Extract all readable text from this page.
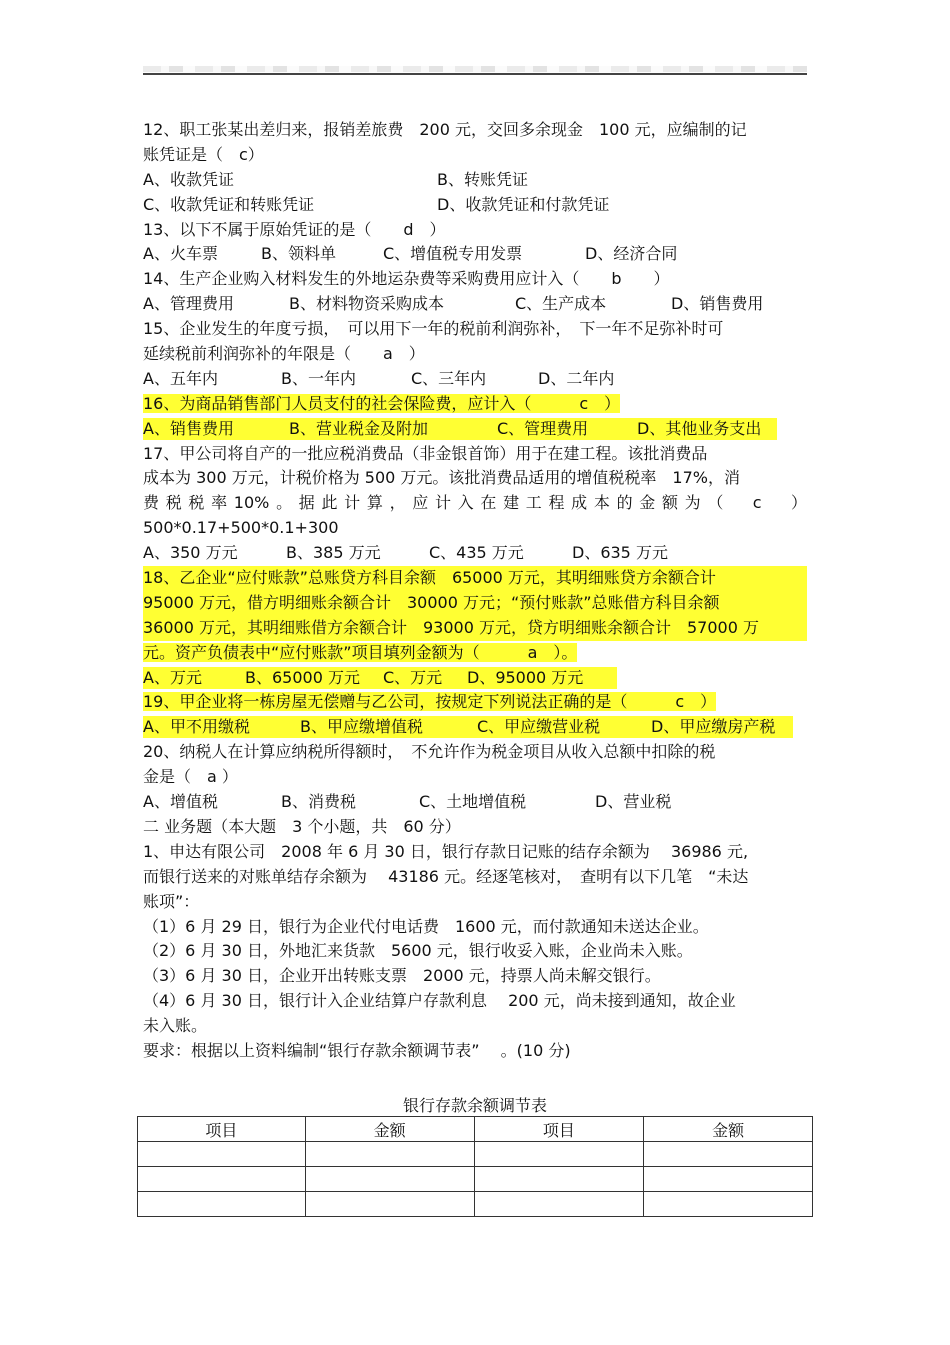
12、职工张某出差归来，报销差旅费　200 元，交回多余现金　100 元，应编制的记
账凭证是（　c）
A、收款凭证	B、转账凭证
C、收款凭证和转账凭证	D、收款凭证和付款凭证
13、以下不属于原始凭证的是（　　d　）
A、火车票	B、领料单	C、增值税专用发票	D、经济合同
14、生产企业购入材料发生的外地运杂费等采购费用应计入（　　b　　）
A、管理费用	B、材料物资采购成本	C、生产成本	D、销售费用
15、企业发生的年度亏损，　可以用下一年的税前利润弥补，　下一年不足弥补时可
延续税前利润弥补的年限是（　　a　）
A、五年内	B、一年内	C、三年内	D、二年内
16、为商品销售部门人员支付的社会保险费，应计入（　　　c　）
A、销售费用	B、营业税金及附加	C、管理费用	D、其他业务支出
17、甲公司将自产的一批应税消费品（非金银首饰）用于在建工程。该批消费品
成本为 300 万元，计税价格为 500 万元。该批消费品适用的增值税税率　17%，消
费税税率10%。据此计算，应计入在建工程成本的金额为（　c　）
500*0.17+500*0.1+300
A、350 万元	B、385 万元	C、435 万元	D、635 万元
18、乙企业“应付账款”总账贷方科目余额　65000 万元，其明细账贷方余额合计
95000 万元，借方明细账余额合计　30000 万元；“预付账款”总账借方科目余额
36000 万元，其明细账借方余额合计　93000 万元，贷方明细账余额合计　57000 万
元。资产负债表中“应付账款”项目填列金额为（　　　a　）。
A、万元	B、65000 万元 C、万元 D、95000 万元
19、甲企业将一栋房屋无偿赠与乙公司，按规定下列说法正确的是（　　　c　）
A、甲不用缴税	B、甲应缴增值税	C、甲应缴营业税	D、甲应缴房产税
20、纳税人在计算应纳税所得额时，　不允许作为税金项目从收入总额中扣除的税
金是（　a ）
A、增值税	B、消费税	C、土地增值税	D、营业税
二 业务题（本大题　3 个小题，共　60 分）
1、申达有限公司　2008 年 6 月 30 日，银行存款日记账的结存余额为　 36986 元,
而银行送来的对账单结存余额为　 43186 元。经逐笔核对，　查明有以下几笔　“未达
账项”：
（1）6 月 29 日，银行为企业代付电话费　1600 元，而付款通知未送达企业。
（2）6 月 30 日，外地汇来货款　5600 元，银行收妥入账，企业尚未入账。
（3）6 月 30 日，企业开出转账支票　2000 元，持票人尚未解交银行。
（4）6 月 30 日，银行计入企业结算户存款利息　 200 元，尚未接到通知，故企业
未入账。
要求：根据以上资料编制“银行存款余额调节表”　 。(10 分)
银行存款余额调节表
项目	金额	项目	金额
